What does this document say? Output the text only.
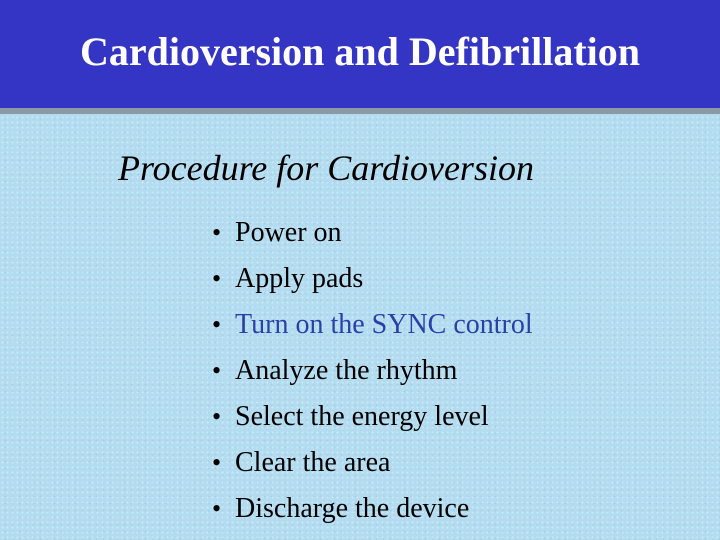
Cardioversion and Defibrillation
Procedure for Cardioversion
• Power on
• Apply pads
• Turn on the SYNC control
• Analyze the rhythm
• Select the energy level
• Clear the area
• Discharge the device
